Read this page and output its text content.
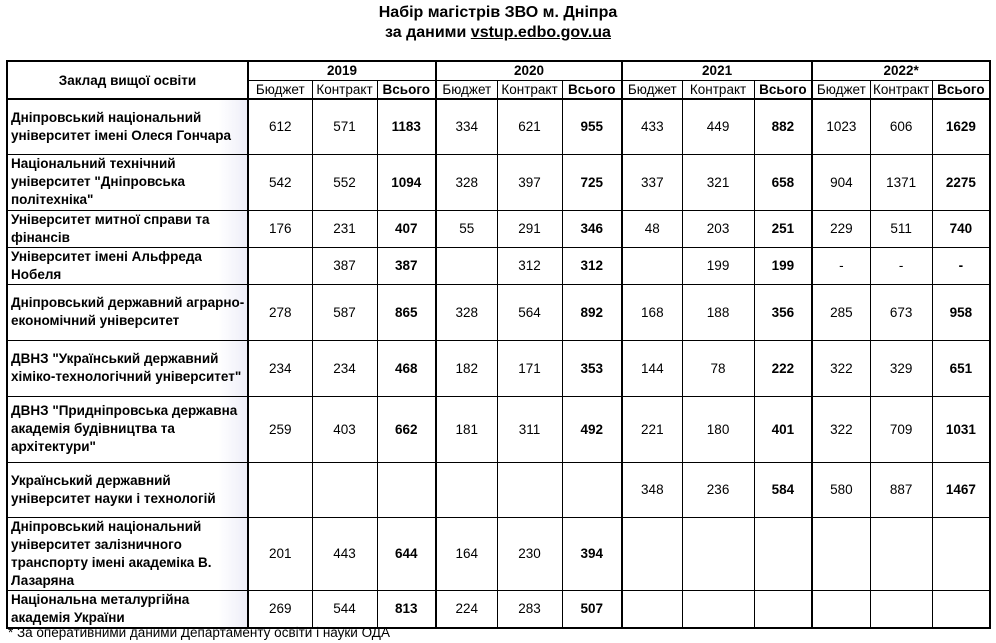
Набір магістрів ЗВО м. Дніпра
за даними vstup.edbo.gov.ua
Заклад вищої освіти	2019			2020			2021			2022*		
	Бюджет	Контракт	Всього	Бюджет	Контракт	Всього	Бюджет	Контракт	Всього	Бюджет	Контракт	Всього
Дніпровський національний університет імені Олеся Гончара	612	571	1183	334	621	955	433	449	882	1023	606	1629
Національний технічний університет "Дніпровська політехніка"	542	552	1094	328	397	725	337	321	658	904	1371	2275
Університет митної справи та фінансів	176	231	407	55	291	346	48	203	251	229	511	740
Університет імені Альфреда Нобеля		387	387		312	312		199	199	-	-	-
Дніпровський державний аграрно-економічний університет	278	587	865	328	564	892	168	188	356	285	673	958
ДВНЗ "Український державний хіміко-технологічний університет"	234	234	468	182	171	353	144	78	222	322	329	651
ДВНЗ "Придніпровська державна академія будівництва та архітектури"	259	403	662	181	311	492	221	180	401	322	709	1031
Український державний університет науки і технологій							348	236	584	580	887	1467
Дніпровський національний університет залізничного транспорту імені академіка В. Лазаряна	201	443	644	164	230	394						
Національна металургійна академія України	269	544	813	224	283	507						
* За оперативними даними Департаменту освіти і науки ОДА
